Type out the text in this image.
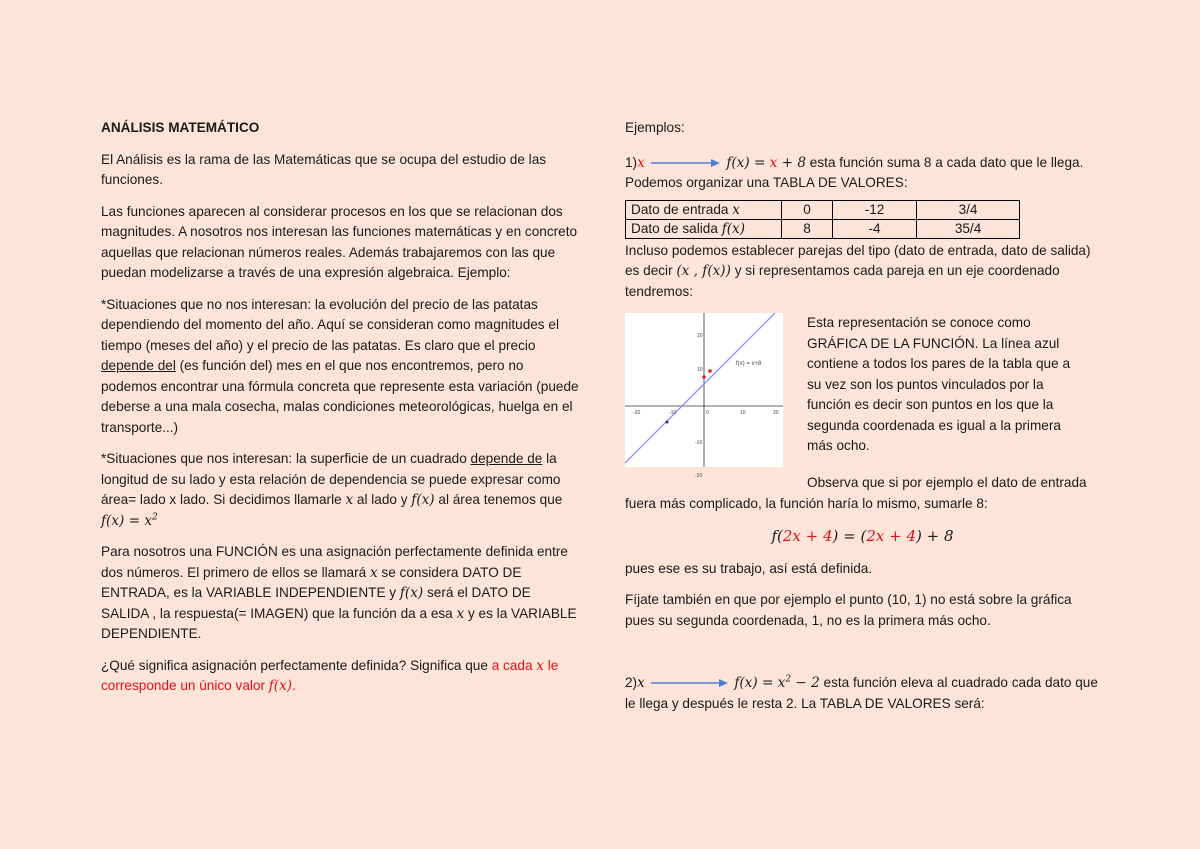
ANÁLISIS MATEMÁTICO

El Análisis es la rama de las Matemáticas que se ocupa del estudio de las funciones.

Las funciones aparecen al considerar procesos en los que se relacionan dos magnitudes. A nosotros nos interesan las funciones matemáticas y en concreto aquellas que relacionan números reales. Además trabajaremos con las que puedan modelizarse a través de una expresión algebraica. Ejemplo:

*Situaciones que no nos interesan: la evolución del precio de las patatas dependiendo del momento del año. Aquí se consideran como magnitudes el tiempo (meses del año) y el precio de las patatas. Es claro que el precio depende del (es función del) mes en el que nos encontremos, pero no podemos encontrar una fórmula concreta que represente esta variación (puede deberse a una mala cosecha, malas condiciones meteorológicas, huelga en el transporte...)

*Situaciones que nos interesan: la superficie de un cuadrado depende de la longitud de su lado y esta relación de dependencia se puede expresar como área= lado x lado. Si decidimos llamarle x al lado y f(x) al área tenemos que $f(x) = x^2$

Para nosotros una FUNCIÓN es una asignación perfectamente definida entre dos números. El primero de ellos se llamará x se considera DATO DE ENTRADA, es la VARIABLE INDEPENDIENTE y f(x) será el DATO DE SALIDA , la respuesta(= IMAGEN) que la función da a esa x y es la VARIABLE DEPENDIENTE.

¿Qué significa asignación perfectamente definida? Significa que a cada x le corresponde un único valor f(x).

Ejemplos:

1)x	f(x) = x + 8 esta función suma 8 a cada dato que le llega.
Podemos organizar una TABLA DE VALORES:
Dato de entrada x	0	-12	3/4
Dato de salida f(x)	8	-4	35/4

Incluso podemos establecer parejas del tipo (dato de entrada, dato de salida) es decir (x , f(x)) y si representamos cada pareja en un eje coordenado tendremos:

f(x) = x+8
-20	-10	0	10	20
20
10
-10
-20
Esta representación se conoce como GRÁFICA DE LA FUNCIÓN. La línea azul contiene a todos los pares de la tabla que a su vez son los puntos vinculados por la función es decir son puntos en los que la segunda coordenada es igual a la primera más ocho.

Observa que si por ejemplo el dato de entrada fuera más complicado, la función haría lo mismo, sumarle 8:

f(2x + 4) = (2x + 4) + 8

pues ese es su trabajo, así está definida.

Fíjate también en que por ejemplo el punto (10, 1) no está sobre la gráfica pues su segunda coordenada, 1, no es la primera más ocho.

2)x	$f(x) = x^2 - 2$ esta función eleva al cuadrado cada dato que le llega y después le resta 2. La TABLA DE VALORES será:
